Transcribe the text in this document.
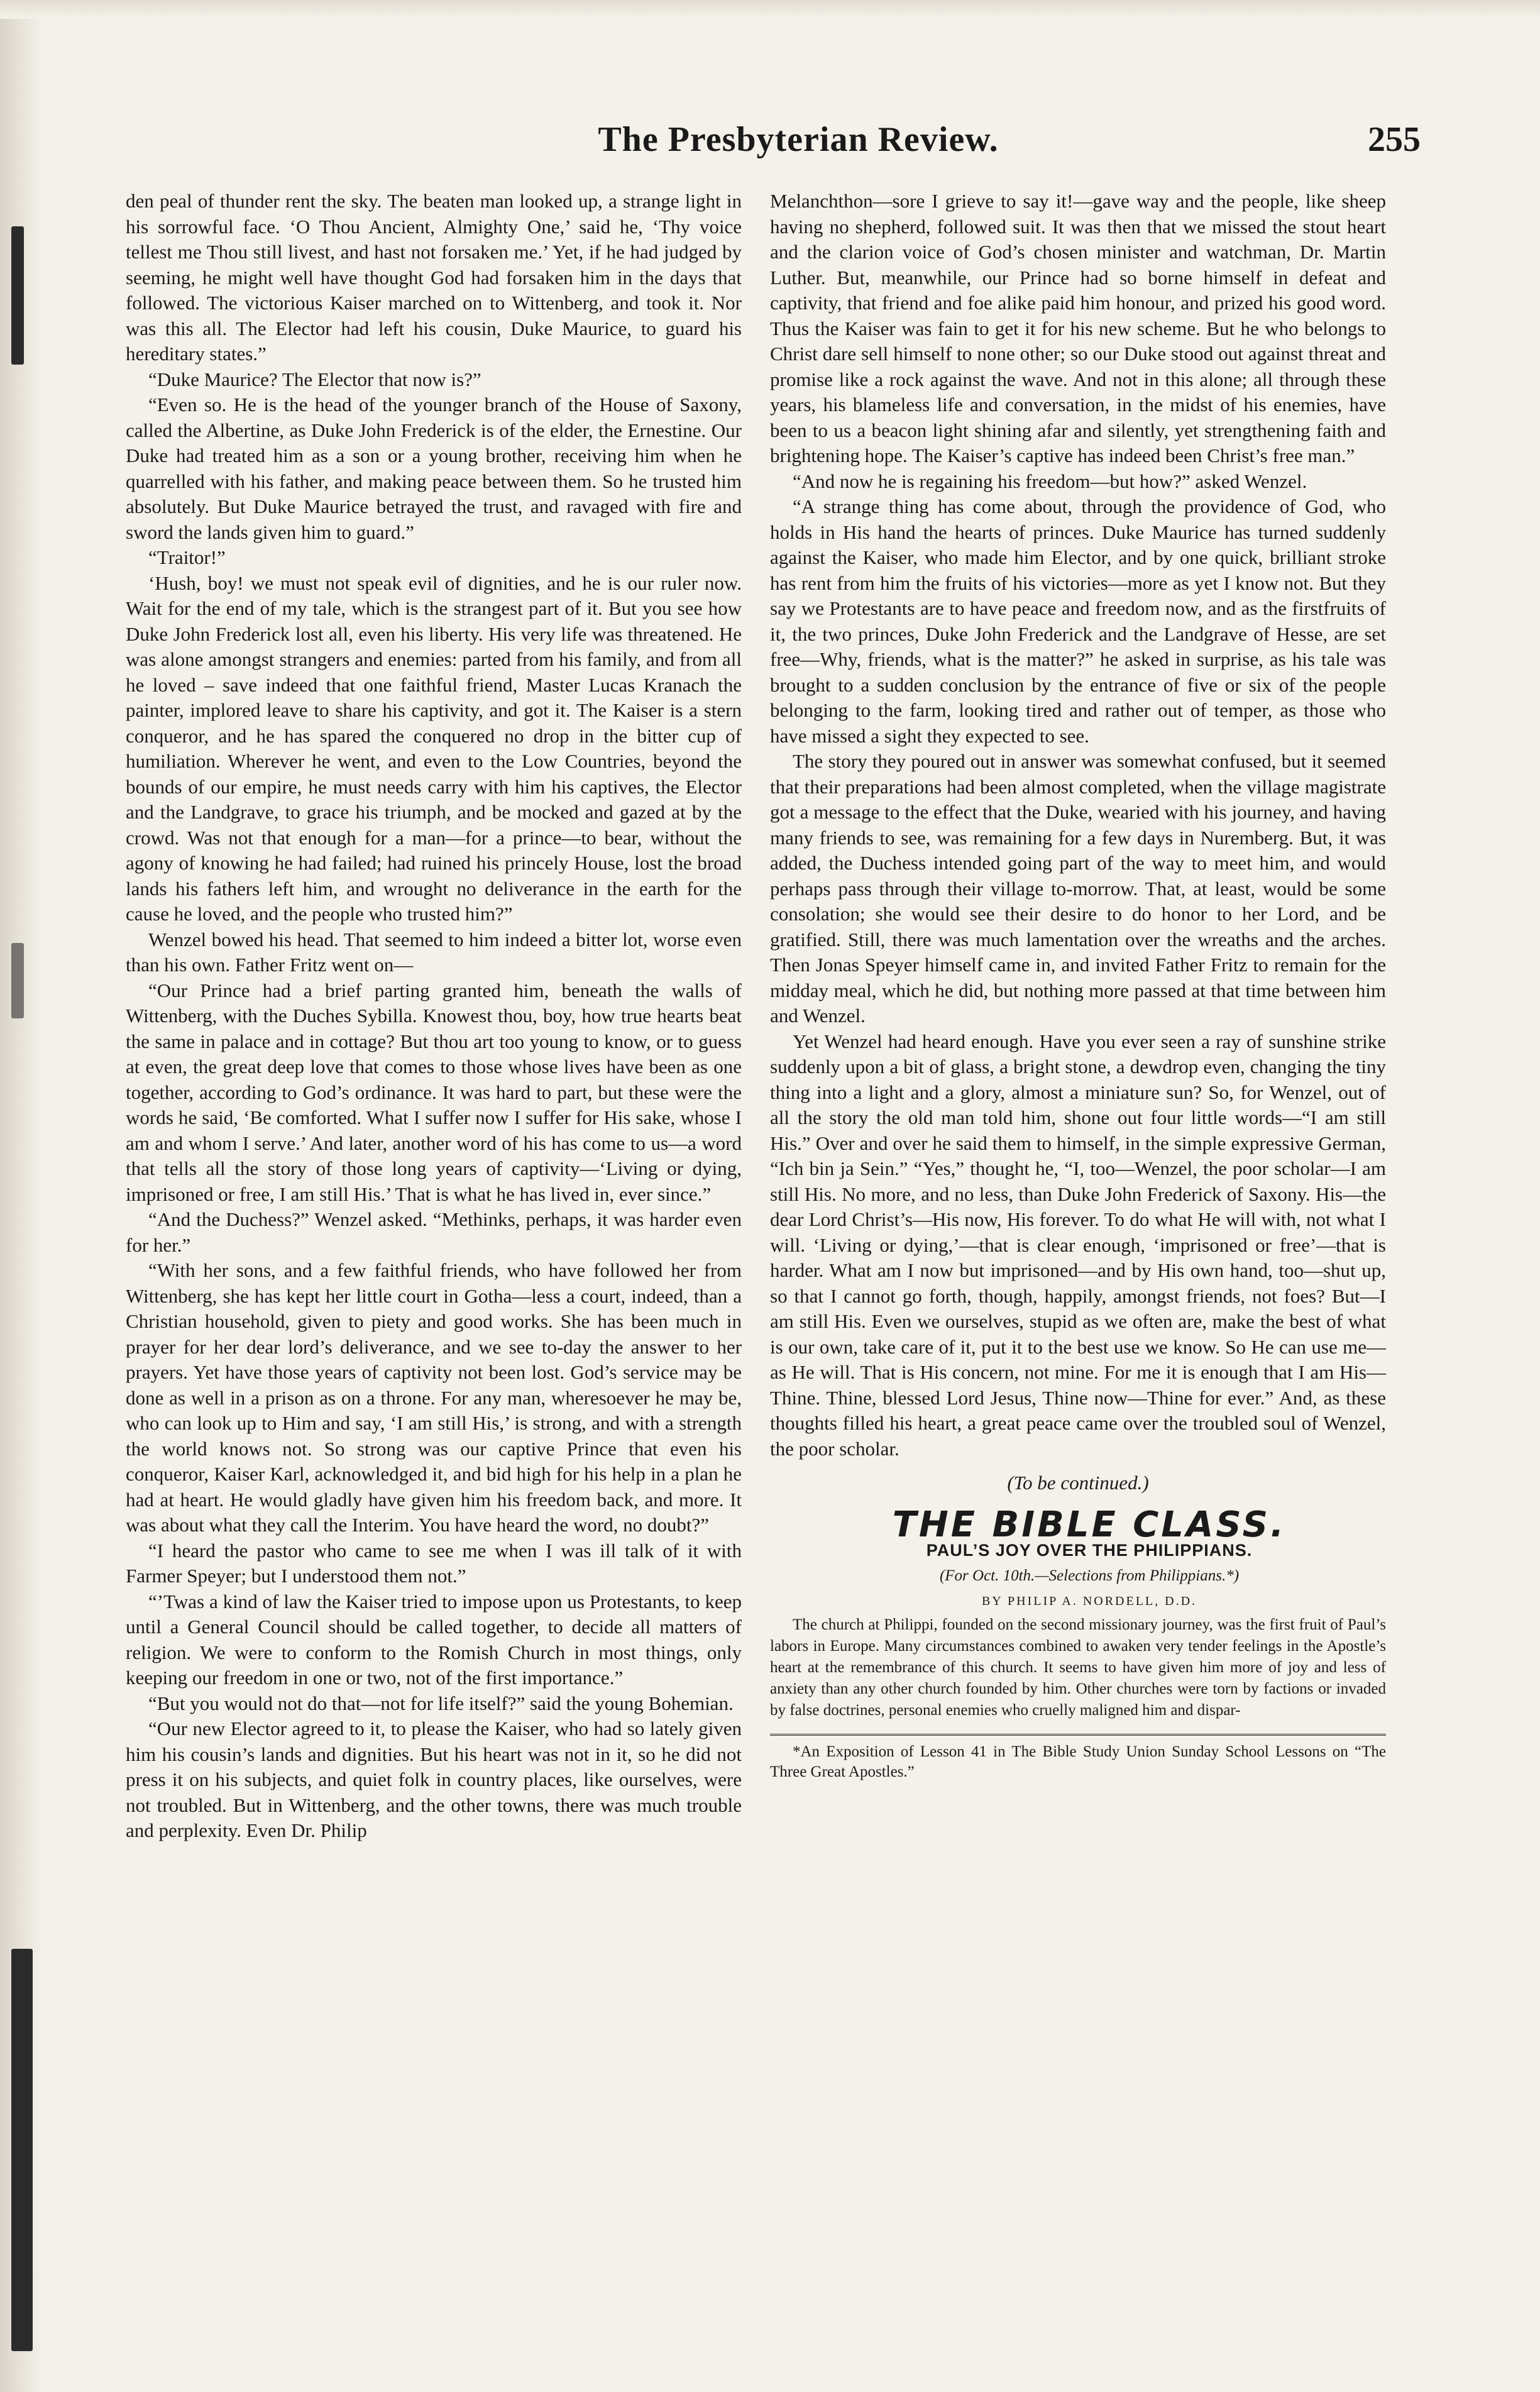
The Presbyterian Review.	255

den peal of thunder rent the sky. The beaten man looked up, a strange light in his sorrowful face. ‘O Thou Ancient, Almighty One,’ said he, ‘Thy voice tellest me Thou still livest, and hast not forsaken me.’ Yet, if he had judged by seeming, he might well have thought God had forsaken him in the days that followed. The victorious Kaiser marched on to Wittenberg, and took it. Nor was this all. The Elector had left his cousin, Duke Maurice, to guard his hereditary states.”

“Duke Maurice? The Elector that now is?”

“Even so. He is the head of the younger branch of the House of Saxony, called the Albertine, as Duke John Frederick is of the elder, the Ernestine. Our Duke had treated him as a son or a young brother, receiving him when he quarrelled with his father, and making peace between them. So he trusted him absolutely. But Duke Maurice betrayed the trust, and ravaged with fire and sword the lands given him to guard.”

“Traitor!”

‘Hush, boy! we must not speak evil of dignities, and he is our ruler now. Wait for the end of my tale, which is the strangest part of it. But you see how Duke John Frederick lost all, even his liberty. His very life was threatened. He was alone amongst strangers and enemies: parted from his family, and from all he loved – save indeed that one faithful friend, Master Lucas Kranach the painter, implored leave to share his captivity, and got it. The Kaiser is a stern conqueror, and he has spared the conquered no drop in the bitter cup of humiliation. Wherever he went, and even to the Low Countries, beyond the bounds of our empire, he must needs carry with him his captives, the Elector and the Landgrave, to grace his triumph, and be mocked and gazed at by the crowd. Was not that enough for a man—for a prince—to bear, without the agony of knowing he had failed; had ruined his princely House, lost the broad lands his fathers left him, and wrought no deliverance in the earth for the cause he loved, and the people who trusted him?”

Wenzel bowed his head. That seemed to him indeed a bitter lot, worse even than his own. Father Fritz went on—

“Our Prince had a brief parting granted him, beneath the walls of Wittenberg, with the Duches Sybilla. Knowest thou, boy, how true hearts beat the same in palace and in cottage? But thou art too young to know, or to guess at even, the great deep love that comes to those whose lives have been as one together, according to God’s ordinance. It was hard to part, but these were the words he said, ‘Be comforted. What I suffer now I suffer for His sake, whose I am and whom I serve.’ And later, another word of his has come to us—a word that tells all the story of those long years of captivity—‘Living or dying, imprisoned or free, I am still His.’ That is what he has lived in, ever since.”

“And the Duchess?” Wenzel asked. “Methinks, perhaps, it was harder even for her.”

“With her sons, and a few faithful friends, who have followed her from Wittenberg, she has kept her little court in Gotha—less a court, indeed, than a Christian household, given to piety and good works. She has been much in prayer for her dear lord’s deliverance, and we see to-day the answer to her prayers. Yet have those years of captivity not been lost. God’s service may be done as well in a prison as on a throne. For any man, wheresoever he may be, who can look up to Him and say, ‘I am still His,’ is strong, and with a strength the world knows not. So strong was our captive Prince that even his conqueror, Kaiser Karl, acknowledged it, and bid high for his help in a plan he had at heart. He would gladly have given him his freedom back, and more. It was about what they call the Interim. You have heard the word, no doubt?”

“I heard the pastor who came to see me when I was ill talk of it with Farmer Speyer; but I understood them not.”

“’Twas a kind of law the Kaiser tried to impose upon us Protestants, to keep until a General Council should be called together, to decide all matters of religion. We were to conform to the Romish Church in most things, only keeping our freedom in one or two, not of the first importance.”

“But you would not do that—not for life itself?” said the young Bohemian.

“Our new Elector agreed to it, to please the Kaiser, who had so lately given him his cousin’s lands and dignities. But his heart was not in it, so he did not press it on his subjects, and quiet folk in country places, like ourselves, were not troubled. But in Wittenberg, and the other towns, there was much trouble and perplexity. Even Dr. Philip

Melanchthon—sore I grieve to say it!—gave way and the people, like sheep having no shepherd, followed suit. It was then that we missed the stout heart and the clarion voice of God’s chosen minister and watchman, Dr. Martin Luther. But, meanwhile, our Prince had so borne himself in defeat and captivity, that friend and foe alike paid him honour, and prized his good word. Thus the Kaiser was fain to get it for his new scheme. But he who belongs to Christ dare sell himself to none other; so our Duke stood out against threat and promise like a rock against the wave. And not in this alone; all through these years, his blameless life and conversation, in the midst of his enemies, have been to us a beacon light shining afar and silently, yet strengthening faith and brightening hope. The Kaiser’s captive has indeed been Christ’s free man.”

“And now he is regaining his freedom—but how?” asked Wenzel.

“A strange thing has come about, through the providence of God, who holds in His hand the hearts of princes. Duke Maurice has turned suddenly against the Kaiser, who made him Elector, and by one quick, brilliant stroke has rent from him the fruits of his victories—more as yet I know not. But they say we Protestants are to have peace and freedom now, and as the firstfruits of it, the two princes, Duke John Frederick and the Landgrave of Hesse, are set free—Why, friends, what is the matter?” he asked in surprise, as his tale was brought to a sudden conclusion by the entrance of five or six of the people belonging to the farm, looking tired and rather out of temper, as those who have missed a sight they expected to see.

The story they poured out in answer was somewhat confused, but it seemed that their preparations had been almost completed, when the village magistrate got a message to the effect that the Duke, wearied with his journey, and having many friends to see, was remaining for a few days in Nuremberg. But, it was added, the Duchess intended going part of the way to meet him, and would perhaps pass through their village to-morrow. That, at least, would be some consolation; she would see their desire to do honor to her Lord, and be gratified. Still, there was much lamentation over the wreaths and the arches. Then Jonas Speyer himself came in, and invited Father Fritz to remain for the midday meal, which he did, but nothing more passed at that time between him and Wenzel.

Yet Wenzel had heard enough. Have you ever seen a ray of sunshine strike suddenly upon a bit of glass, a bright stone, a dewdrop even, changing the tiny thing into a light and a glory, almost a miniature sun? So, for Wenzel, out of all the story the old man told him, shone out four little words—“I am still His.” Over and over he said them to himself, in the simple expressive German, “Ich bin ja Sein.” “Yes,” thought he, “I, too—Wenzel, the poor scholar—I am still His. No more, and no less, than Duke John Frederick of Saxony. His—the dear Lord Christ’s—His now, His forever. To do what He will with, not what I will. ‘Living or dying,’—that is clear enough, ‘imprisoned or free’—that is harder. What am I now but imprisoned—and by His own hand, too—shut up, so that I cannot go forth, though, happily, amongst friends, not foes? But—I am still His. Even we ourselves, stupid as we often are, make the best of what is our own, take care of it, put it to the best use we know. So He can use me—as He will. That is His concern, not mine. For me it is enough that I am His—Thine. Thine, blessed Lord Jesus, Thine now—Thine for ever.” And, as these thoughts filled his heart, a great peace came over the troubled soul of Wenzel, the poor scholar.

(To be continued.)

THE BIBLE CLASS.

PAUL’S JOY OVER THE PHILIPPIANS.

(For Oct. 10th.—Selections from Philippians.*)

BY PHILIP A. NORDELL, D.D.

The church at Philippi, founded on the second missionary journey, was the first fruit of Paul’s labors in Europe. Many circumstances combined to awaken very tender feelings in the Apostle’s heart at the remembrance of this church. It seems to have given him more of joy and less of anxiety than any other church founded by him. Other churches were torn by factions or invaded by false doctrines, personal enemies who cruelly maligned him and dispar-

*An Exposition of Lesson 41 in The Bible Study Union Sunday School Lessons on “The Three Great Apostles.”
